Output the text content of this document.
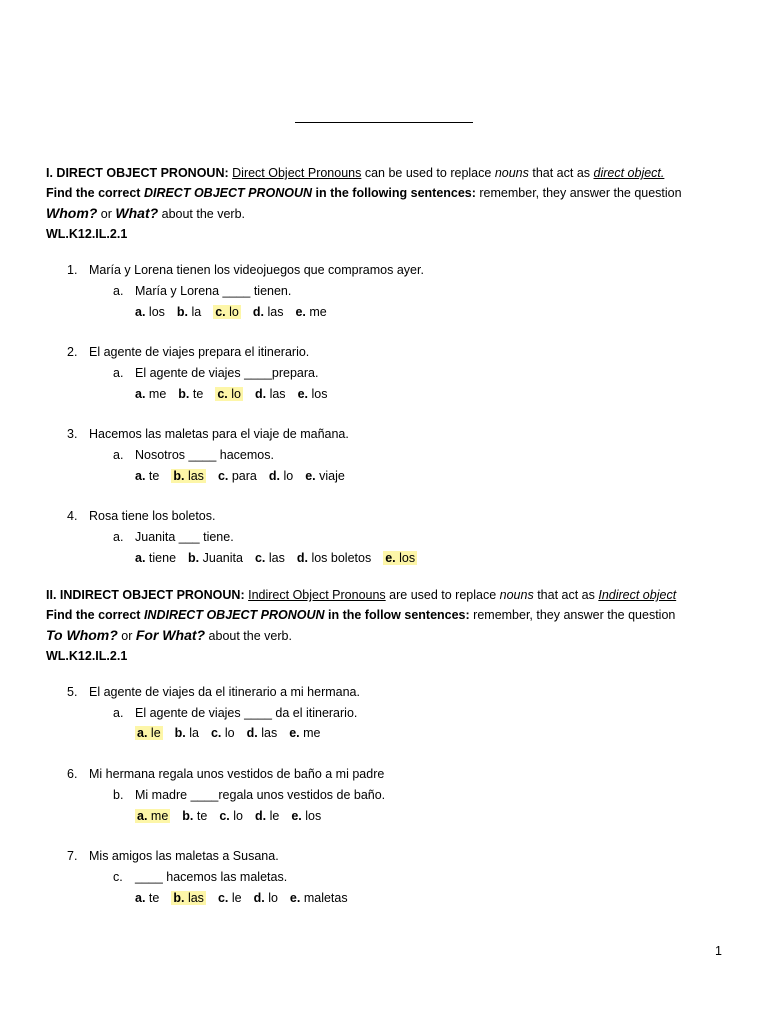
I. DIRECT OBJECT PRONOUN: Direct Object Pronouns can be used to replace nouns that act as direct object.
Find the correct DIRECT OBJECT PRONOUN in the following sentences: remember, they answer the question
Whom? or What? about the verb.
WL.K12.IL.2.1
1. María y Lorena tienen los videojuegos que compramos ayer.
a. María y Lorena ____ tienen.
a. los b. la c. lo d. las e. me
2. El agente de viajes prepara el itinerario.
a. El agente de viajes ____prepara.
a. me b. te c. lo d. las e. los
3. Hacemos las maletas para el viaje de mañana.
a. Nosotros ____ hacemos.
a. te b. las c. para d. lo e. viaje
4. Rosa tiene los boletos.
a. Juanita ___ tiene.
a. tiene b. Juanita c. las d. los boletos e. los
II. INDIRECT OBJECT PRONOUN: Indirect Object Pronouns are used to replace nouns that act as Indirect object
Find the correct INDIRECT OBJECT PRONOUN in the follow sentences: remember, they answer the question
To Whom? or For What? about the verb.
WL.K12.IL.2.1
5. El agente de viajes da el itinerario a mi hermana.
a. El agente de viajes ____ da el itinerario.
a. le b. la c. lo d. las e. me
6. Mi hermana regala unos vestidos de baño a mi padre
b. Mi madre ____regala unos vestidos de baño.
a. me b. te c. lo d. le e. los
7. Mis amigos las maletas a Susana.
c. ____ hacemos las maletas.
a. te b. las c. le d. lo e. maletas
1
